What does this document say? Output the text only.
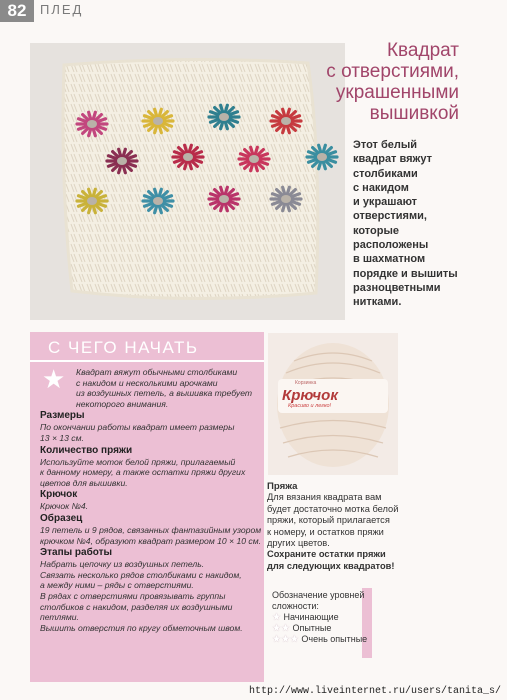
82	ПЛЕД
Квадрат
с отверстиями,
украшенными
вышивкой
Этот белый
квадрат вяжут
столбиками
с накидом
и украшают
отверстиями,
которые
расположены
в шахматном
порядке и вышиты
разноцветными
нитками.
С ЧЕГО НАЧАТЬ
★	Квадрат вяжут обычными столбиками
с накидом и несколькими арочками
из воздушных петель, а вышивка требует
некоторого внимания.
Размеры
По окончании работы квадрат имеет размеры
13 × 13 см.
Количество пряжи
Используйте моток белой пряжи, прилагаемый
к данному номеру, а также остатки пряжи других
цветов для вышивки.
Крючок
Крючок №4.
Образец
19 петель и 9 рядов, связанных фантазийным узором
крючком №4, образуют квадрат размером 10 × 10 см.
Этапы работы
Набрать цепочку из воздушных петель.
Связать несколько рядов столбиками с накидом,
а между ними – ряды с отверстиями.
В рядах с отверстиями провязывать группы
столбиков с накидом, разделяя их воздушными
петлями.
Вышить отверстия по кругу обметочным швом.
Корзинка
Крючок
Красиво и легко!
Пряжа
Для вязания квадрата вам
будет достаточно мотка белой
пряжи, который прилагается
к номеру, и остатков пряжи
других цветов.
Сохраните остатки пряжи
для следующих квадратов!
Обозначение уровней
сложности:
★ Начинающие
★★ Опытные
★★★ Очень опытные
http://www.liveinternet.ru/users/tanita_s/
